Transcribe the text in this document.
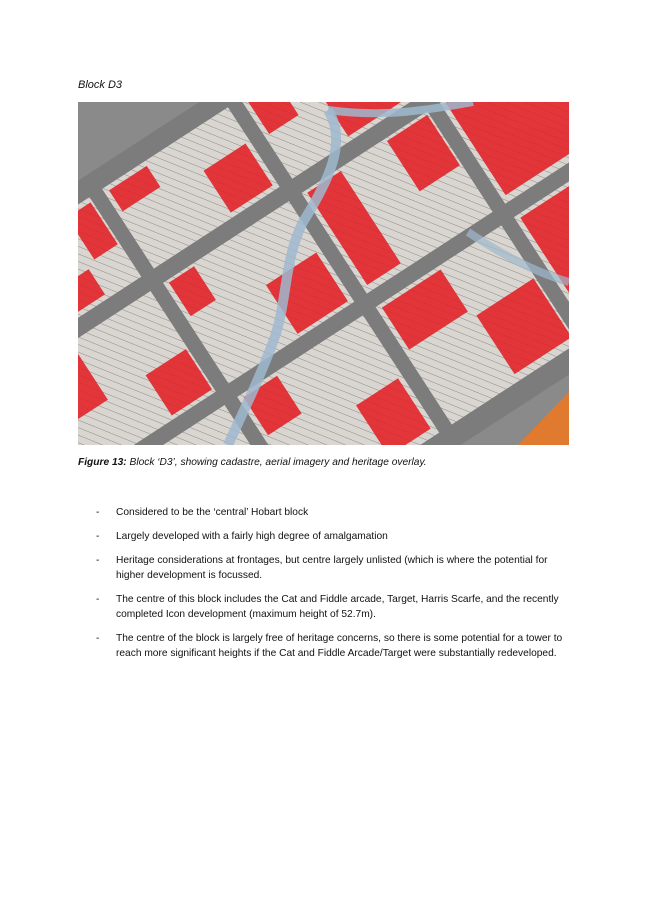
Block D3
Figure 13: Block ‘D3’, showing cadastre, aerial imagery and heritage overlay.
- Considered to be the ‘central’ Hobart block
- Largely developed with a fairly high degree of amalgamation
- Heritage considerations at frontages, but centre largely unlisted (which is where the potential for higher development is focussed.
- The centre of this block includes the Cat and Fiddle arcade, Target, Harris Scarfe, and the recently completed Icon development (maximum height of 52.7m).
- The centre of the block is largely free of heritage concerns, so there is some potential for a tower to reach more significant heights if the Cat and Fiddle Arcade/Target were substantially redeveloped.
